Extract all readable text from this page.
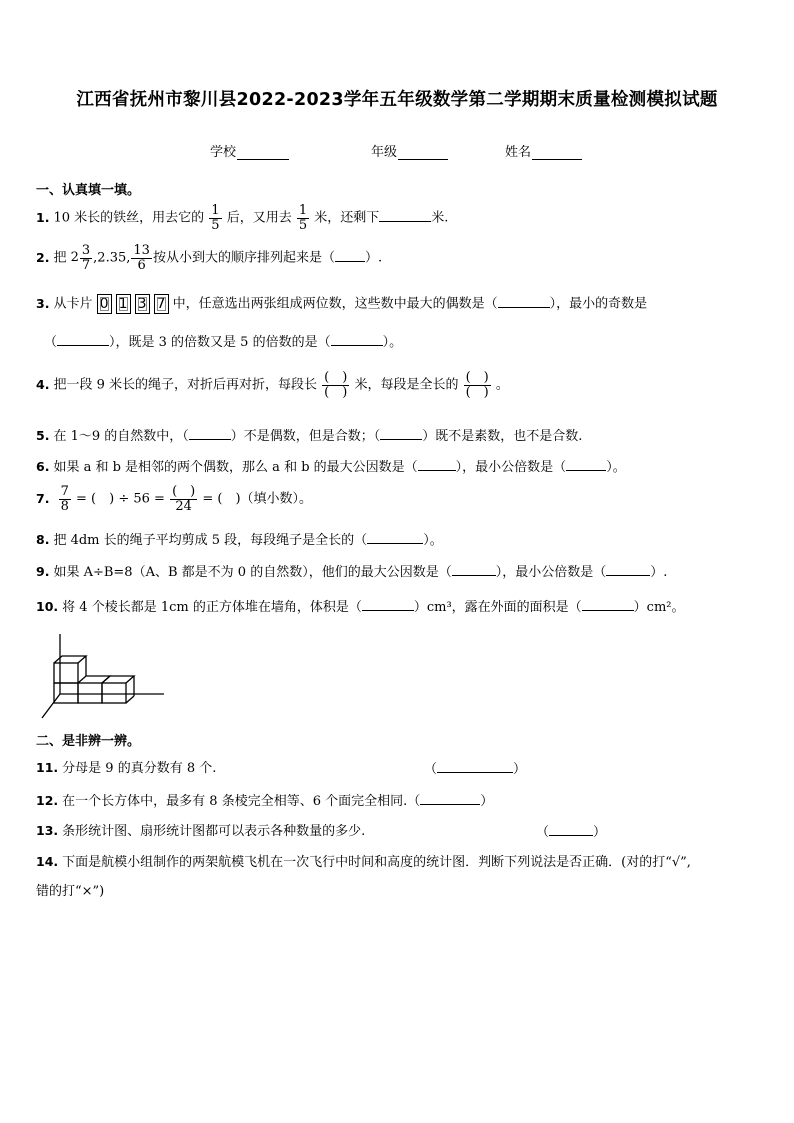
江西省抚州市黎川县2022-2023学年五年级数学第二学期期末质量检测模拟试题
学校	年级	姓名
一、认真填一填。
1. 10 米长的铁丝，用去它的 $\frac{1}{5}$ 后，又用去 $\frac{1}{5}$ 米，还剩下	米.
2. 把 $2 \frac{3}{7} ,2.35$, $\frac{13}{6}$ 按从小到大的顺序排列起来是（ ）.
3. 从卡片 0 1 3 7 中，任意选出两张组成两位数，这些数中最大的偶数是（	），最小的奇数是
（	），既是 3 的倍数又是 5 的倍数的是（	）。
4. 把一段 9 米长的绳子，对折后再对折，每段长 $\frac{( )}{( )}$ 米，每段是全长的 $\frac{( )}{( )}$ 。
5. 在 1～9 的自然数中，（	）不是偶数，但是合数；（	）既不是素数，也不是合数.
6. 如果 a 和 b 是相邻的两个偶数，那么 a 和 b 的最大公因数是（	），最小公倍数是（	）。
7. $\frac{7}{8}$ = (　) ÷ $56 = \frac{( )}{24}$ = (　)（填小数）。
8. 把 4dm 长的绳子平均剪成 5 段，每段绳子是全长的（	）。
9. 如果 A÷B=8（A、B 都是不为 0 的自然数），他们的最大公因数是（	），最小公倍数是（	）.
10. 将 4 个棱长都是 1cm 的正方体堆在墙角，体积是（	）cm³，露在外面的面积是（	）cm²。
二、是非辨一辨。
11. 分母是 9 的真分数有 8 个.	（	）
12. 在一个长方体中，最多有 8 条棱完全相等、6 个面完全相同.（	）
13. 条形统计图、扇形统计图都可以表示各种数量的多少.	（	）
14. 下面是航模小组制作的两架航模飞机在一次飞行中时间和高度的统计图．判断下列说法是否正确．(对的打“√”,
错的打“×”)
